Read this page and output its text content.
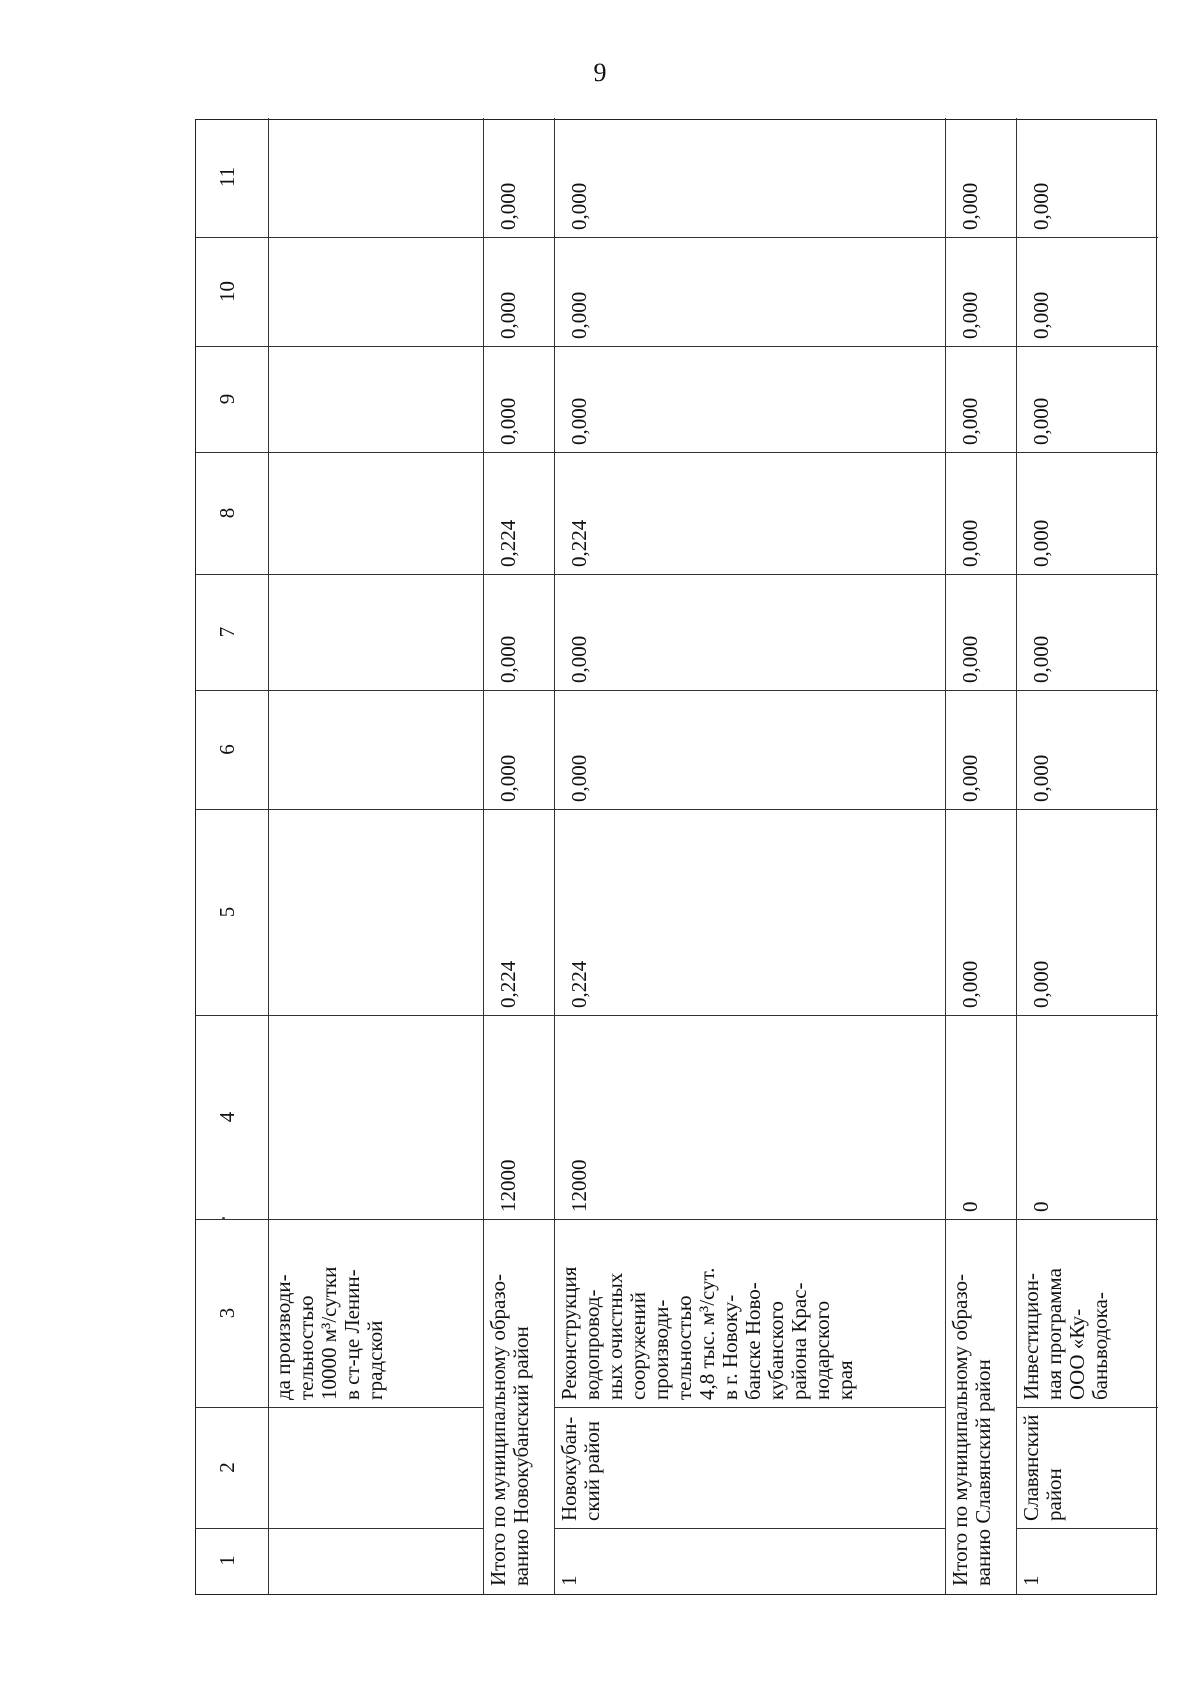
9
1
2
3
4
5
6
7
8
9
10
11
да производи-
тельностью
10000 м³/сутки
в ст-це Ленин-
градской
Итого по муниципальному образо-
ванию Новокубанский район
12000
0,224
0,000
0,000
0,224
0,000
0,000
0,000
1
Новокубан-
ский район
Реконструкция
водопровод-
ных очистных
сооружений
производи-
тельностью
4,8 тыс. м³/сут.
в г. Новоку-
банске Ново-
кубанского
района Крас-
нодарского
края
12000
0,224
0,000
0,000
0,224
0,000
0,000
0,000
Итого по муниципальному образо-
ванию Славянский район
0
0,000
0,000
0,000
0,000
0,000
0,000
0,000
1
Славянский
район
Инвестицион-
ная программа
ООО «Ку-
баньводока-
0
0,000
0,000
0,000
0,000
0,000
0,000
0,000
